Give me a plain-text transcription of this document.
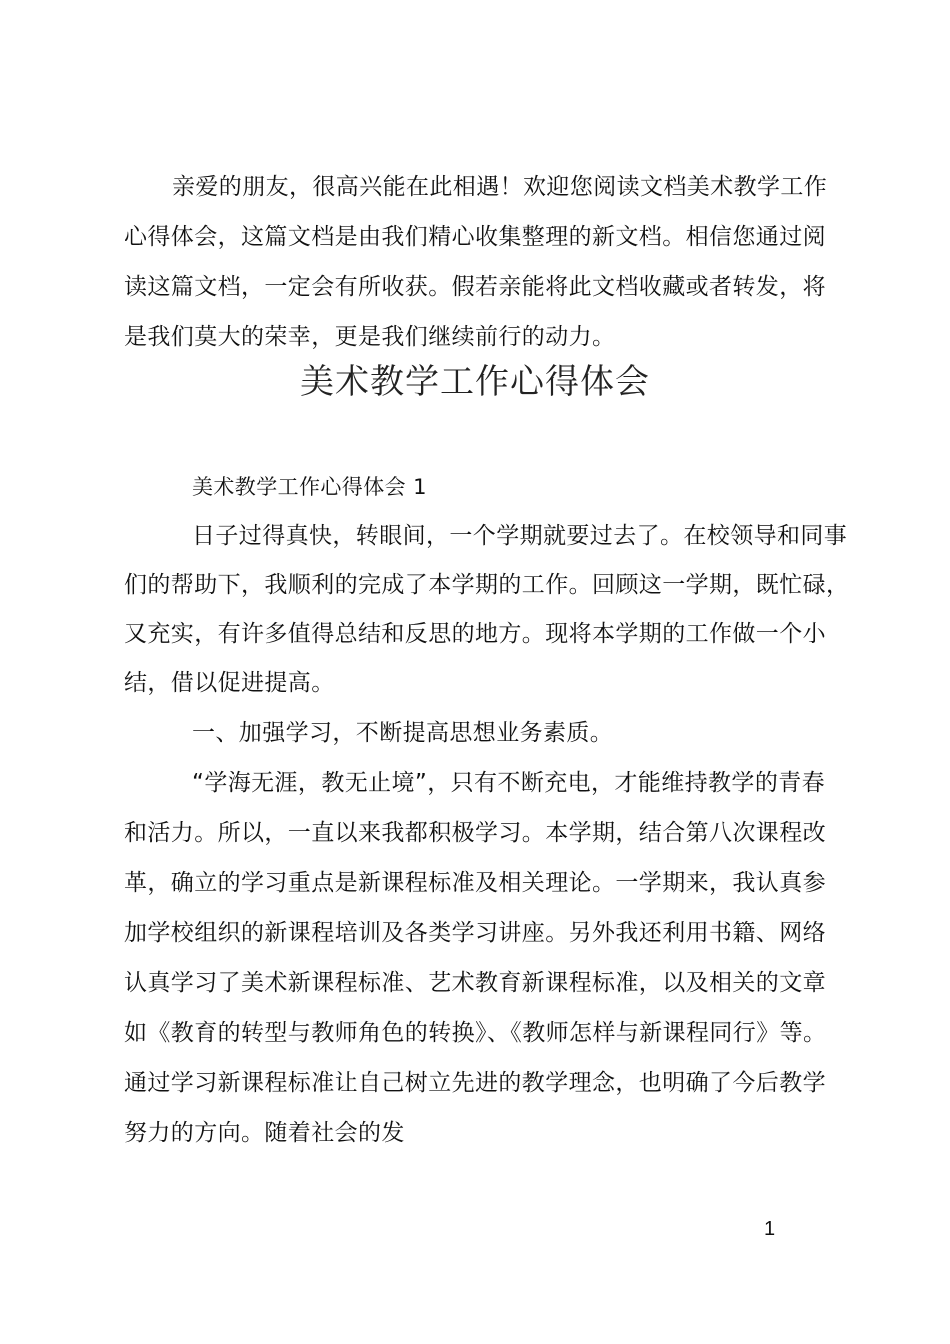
亲爱的朋友，很高兴能在此相遇！欢迎您阅读文档美术教学工作
心得体会，这篇文档是由我们精心收集整理的新文档。相信您通过阅
读这篇文档，一定会有所收获。假若亲能将此文档收藏或者转发，将
是我们莫大的荣幸，更是我们继续前行的动力。
美术教学工作心得体会
美术教学工作心得体会 1
日子过得真快，转眼间，一个学期就要过去了。在校领导和同事
们的帮助下，我顺利的完成了本学期的工作。回顾这一学期，既忙碌，
又充实，有许多值得总结和反思的地方。现将本学期的工作做一个小
结，借以促进提高。
一、加强学习，不断提高思想业务素质。
“学海无涯，教无止境”，只有不断充电，才能维持教学的青春
和活力。所以，一直以来我都积极学习。本学期，结合第八次课程改
革，确立的学习重点是新课程标准及相关理论。一学期来，我认真参
加学校组织的新课程培训及各类学习讲座。另外我还利用书籍、网络
认真学习了美术新课程标准、艺术教育新课程标准，以及相关的文章
如《教育的转型与教师角色的转换》、《教师怎样与新课程同行》等。
通过学习新课程标准让自己树立先进的教学理念，也明确了今后教学
努力的方向。随着社会的发
1
